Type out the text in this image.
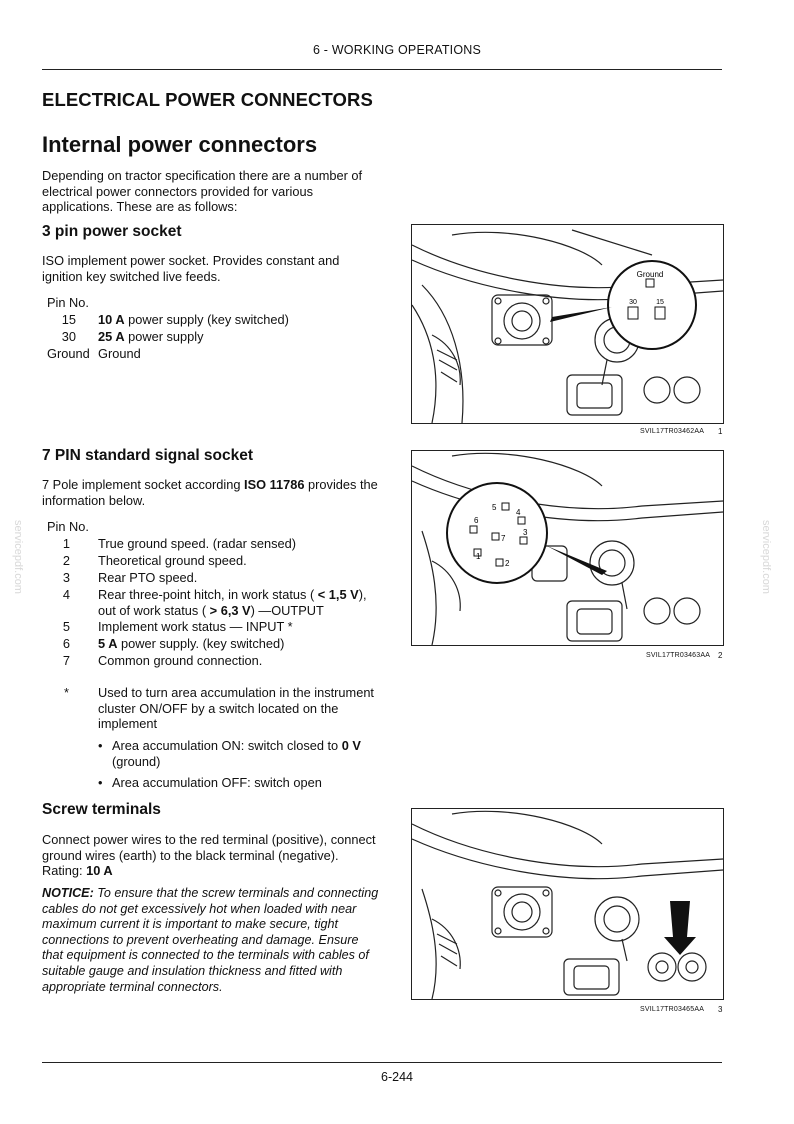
6 - WORKING OPERATIONS
ELECTRICAL POWER CONNECTORS
Internal power connectors
Depending on tractor specification there are a number of electrical power connectors provided for various applications. These are as follows:
3 pin power socket
ISO implement power socket. Provides constant and ignition key switched live feeds.
Pin No.
15 10 A power supply (key switched)
30 25 A power supply
Ground Ground
7 PIN standard signal socket
7 Pole implement socket according ISO 11786 provides the information below.
Pin No.
1 True ground speed. (radar sensed)
2 Theoretical ground speed.
3 Rear PTO speed.
4 Rear three-point hitch, in work status ( < 1,5 V),
out of work status ( > 6,3 V) —OUTPUT
5 Implement work status — INPUT *
6 5 A power supply. (key switched)
7 Common ground connection.
* Used to turn area accumulation in the instrument cluster ON/OFF by a switch located on the implement
• Area accumulation ON: switch closed to 0 V (ground)
• Area accumulation OFF: switch open
Screw terminals
Connect power wires to the red terminal (positive), connect ground wires (earth) to the black terminal (negative).
Rating: 10 A
NOTICE: To ensure that the screw terminals and connecting cables do not get excessively hot when loaded with near maximum current it is important to make secure, tight connections to prevent overheating and damage. Ensure that equipment is connected to the terminals with cables of suitable gauge and insulation thickness and fitted with appropriate terminal connectors.
Ground
30	15
SVIL17TR03462AA 1
5
6
4
7
3
1
2
SVIL17TR03463AA 2
SVIL17TR03465AA 3
servicepdf.com	servicepdf.com
6-244
